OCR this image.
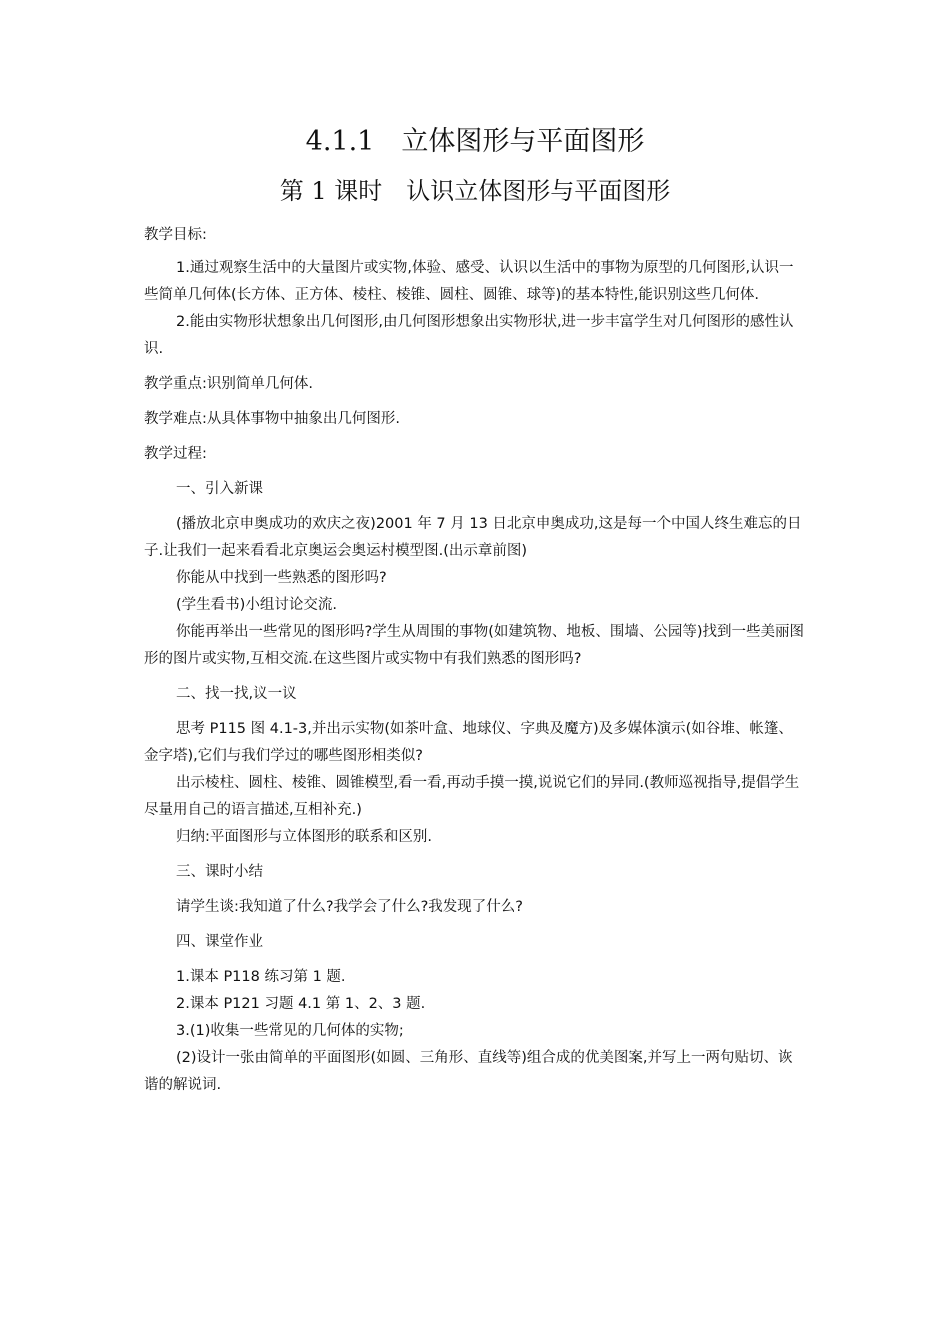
4.1.1　立体图形与平面图形
第 1 课时　认识立体图形与平面图形

教学目标:

1.通过观察生活中的大量图片或实物,体验、感受、认识以生活中的事物为原型的几何图形,认识一些简单几何体(长方体、正方体、棱柱、棱锥、圆柱、圆锥、球等)的基本特性,能识别这些几何体.

2.能由实物形状想象出几何图形,由几何图形想象出实物形状,进一步丰富学生对几何图形的感性认识.

教学重点:识别简单几何体.

教学难点:从具体事物中抽象出几何图形.

教学过程:

一、引入新课

(播放北京申奥成功的欢庆之夜)2001 年 7 月 13 日北京申奥成功,这是每一个中国人终生难忘的日子.让我们一起来看看北京奥运会奥运村模型图.(出示章前图)

你能从中找到一些熟悉的图形吗?

(学生看书)小组讨论交流.

你能再举出一些常见的图形吗?学生从周围的事物(如建筑物、地板、围墙、公园等)找到一些美丽图形的图片或实物,互相交流.在这些图片或实物中有我们熟悉的图形吗?

二、找一找,议一议

思考 P115 图 4.1-3,并出示实物(如茶叶盒、地球仪、字典及魔方)及多媒体演示(如谷堆、帐篷、金字塔),它们与我们学过的哪些图形相类似?

出示棱柱、圆柱、棱锥、圆锥模型,看一看,再动手摸一摸,说说它们的异同.(教师巡视指导,提倡学生尽量用自己的语言描述,互相补充.)

归纳:平面图形与立体图形的联系和区别.

三、课时小结

请学生谈:我知道了什么?我学会了什么?我发现了什么?

四、课堂作业

1.课本 P118 练习第 1 题.

2.课本 P121 习题 4.1 第 1、2、3 题.

3.(1)收集一些常见的几何体的实物;

(2)设计一张由简单的平面图形(如圆、三角形、直线等)组合成的优美图案,并写上一两句贴切、诙谐的解说词.
